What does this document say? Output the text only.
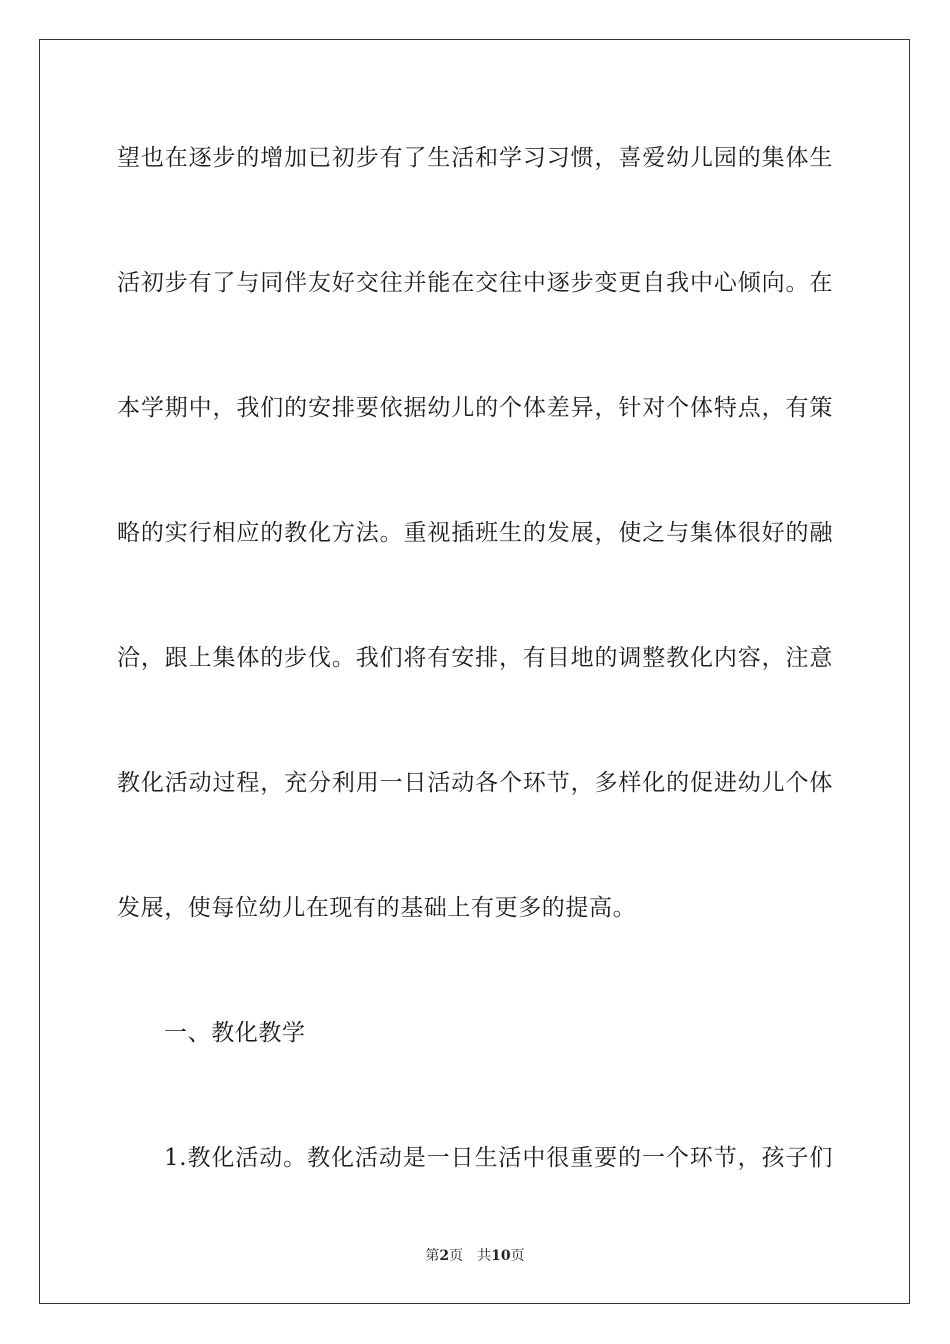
望也在逐步的增加已初步有了生活和学习习惯，喜爱幼儿园的集体生
活初步有了与同伴友好交往并能在交往中逐步变更自我中心倾向。在
本学期中，我们的安排要依据幼儿的个体差异，针对个体特点，有策
略的实行相应的教化方法。重视插班生的发展，使之与集体很好的融
洽，跟上集体的步伐。我们将有安排，有目地的调整教化内容，注意
教化活动过程，充分利用一日活动各个环节，多样化的促进幼儿个体
发展，使每位幼儿在现有的基础上有更多的提高。
一、教化教学
1.教化活动。教化活动是一日生活中很重要的一个环节，孩子们
第2页 共10页
